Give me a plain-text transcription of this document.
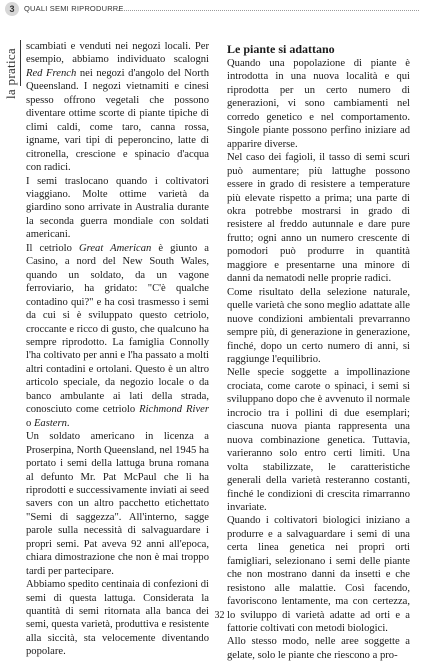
3	QUALI SEMI RIPRODURRE
la pratica

scambiati e venduti nei negozi locali. Per esempio, abbiamo individuato scalogni Red French nei negozi d'angolo del North Queensland. I negozi vietnamiti e cinesi spesso offrono vegetali che possono diventare ottime scorte di piante tipiche di climi caldi, come taro, canna rossa, igname, vari tipi di peperoncino, latte di citronella, crescione e spinacio d'acqua con radici.

I semi traslocano quando i coltivatori viaggiano. Molte ottime varietà da giardino sono arrivate in Australia durante la seconda guerra mondiale con soldati americani.

Il cetriolo Great American è giunto a Casino, a nord del New South Wales, quando un soldato, da un vagone ferroviario, ha gridato: "C'è qualche contadino qui?" e ha così trasmesso i semi da cui si è sviluppato questo cetriolo, croccante e ricco di gusto, che qualcuno ha sempre riprodotto. La famiglia Connolly l'ha coltivato per anni e l'ha passato a molti altri contadini e ortolani. Questo è un altro articolo speciale, da negozio locale o da banco ambulante ai lati della strada, conosciuto come cetriolo Richmond River o Eastern.

Un soldato americano in licenza a Proserpina, North Queensland, nel 1945 ha portato i semi della lattuga bruna romana al defunto Mr. Pat McPaul che li ha riprodotti e successivamente inviati ai seed savers con un altro pacchetto etichettato "Semi di saggezza". All'interno, sagge parole sulla necessità di salvaguardare i propri semi. Pat aveva 92 anni all'epoca, chiara dimostrazione che non è mai troppo tardi per partecipare.

Abbiamo spedito centinaia di confezioni di semi di questa lattuga. Considerata la quantità di semi ritornata alla banca dei semi, questa varietà, produttiva e resistente alla siccità, sta velocemente diventando popolare.

Le piante si adattano

Quando una popolazione di piante è introdotta in una nuova località e qui riprodotta per un certo numero di generazioni, vi sono cambiamenti nel corredo genetico e nel comportamento. Singole piante possono perfino iniziare ad apparire diverse.

Nel caso dei fagioli, il tasso di semi scuri può aumentare; più lattughe possono essere in grado di resistere a temperature più elevate rispetto a prima; una parte di okra potrebbe mostrarsi in grado di resistere al freddo autunnale e dare pure frutto; ogni anno un numero crescente di pomodori può produrre in quantità maggiore e presentarne una minore di danni da nematodi nelle proprie radici.

Come risultato della selezione naturale, quelle varietà che sono meglio adattate alle nuove condizioni ambientali prevarranno sempre più, di generazione in generazione, finché, dopo un certo numero di anni, si raggiunge l'equilibrio.

Nelle specie soggette a impollinazione crociata, come carote o spinaci, i semi si sviluppano dopo che è avvenuto il normale incrocio tra i pollini di due esemplari; ciascuna nuova pianta rappresenta una nuova combinazione genetica. Tuttavia, varieranno solo entro certi limiti. Una volta stabilizzate, le caratteristiche generali della varietà resteranno costanti, finché le condizioni di crescita rimarranno invariate.

Quando i coltivatori biologici iniziano a produrre e a salvaguardare i semi di una certa linea genetica nei propri orti famigliari, selezionano i semi delle piante che non mostrano danni da insetti e che resistono alle malattie. Così facendo, favoriscono lentamente, ma con certezza, lo sviluppo di varietà adatte ad orti e a fattorie coltivati con metodi biologici.

Allo stesso modo, nelle aree soggette a gelate, solo le piante che riescono a pro-

32
